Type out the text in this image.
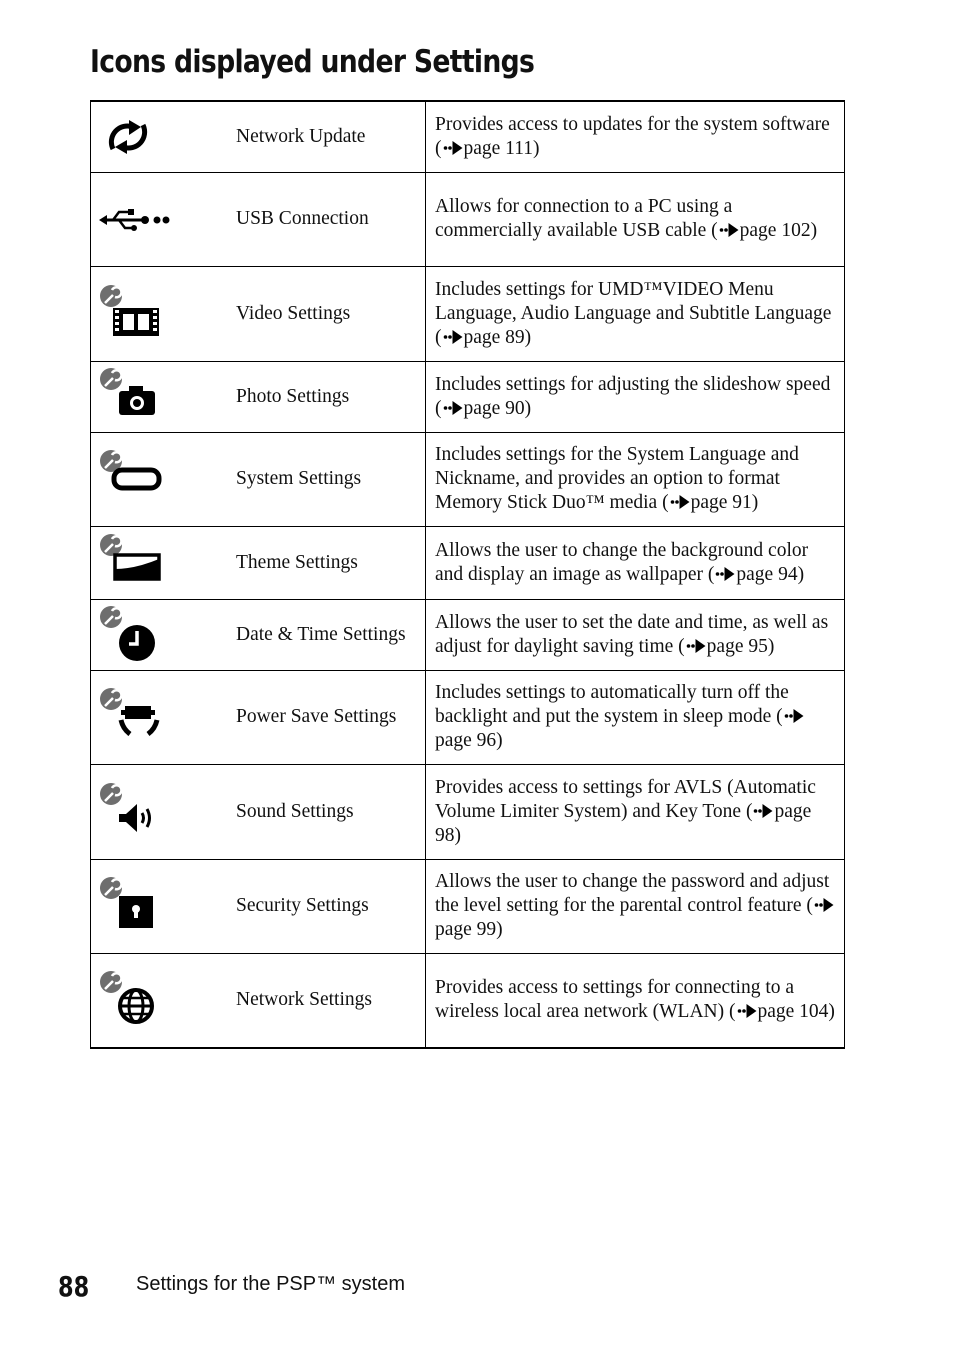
Icons displayed under Settings
Network Update	Provides access to updates for the system software ( page 111)

USB Connection	Allows for connection to a PC using a commercially available USB cable ( page 102)

Video Settings	Includes settings for UMD™VIDEO Menu Language, Audio Language and Subtitle Language ( page 89)

Photo Settings	Includes settings for adjusting the slideshow speed ( page 90)

System Settings	Includes settings for the System Language and Nickname, and provides an option to format Memory Stick Duo™ media ( page 91)

Theme Settings	Allows the user to change the background color and display an image as wallpaper ( page 94)

Date & Time Settings	Allows the user to set the date and time, as well as adjust for daylight saving time ( page 95)

Power Save Settings	Includes settings to automatically turn off the backlight and put the system in sleep mode (page 96)

Sound Settings	Provides access to settings for AVLS (Automatic Volume Limiter System) and Key Tone ( page 98)

Security Settings	Allows the user to change the password and adjust the level setting for the parental control feature (page 99)

Network Settings	Provides access to settings for connecting to a wireless local area network (WLAN) ( page 104)
88 Settings for the PSP™ system
